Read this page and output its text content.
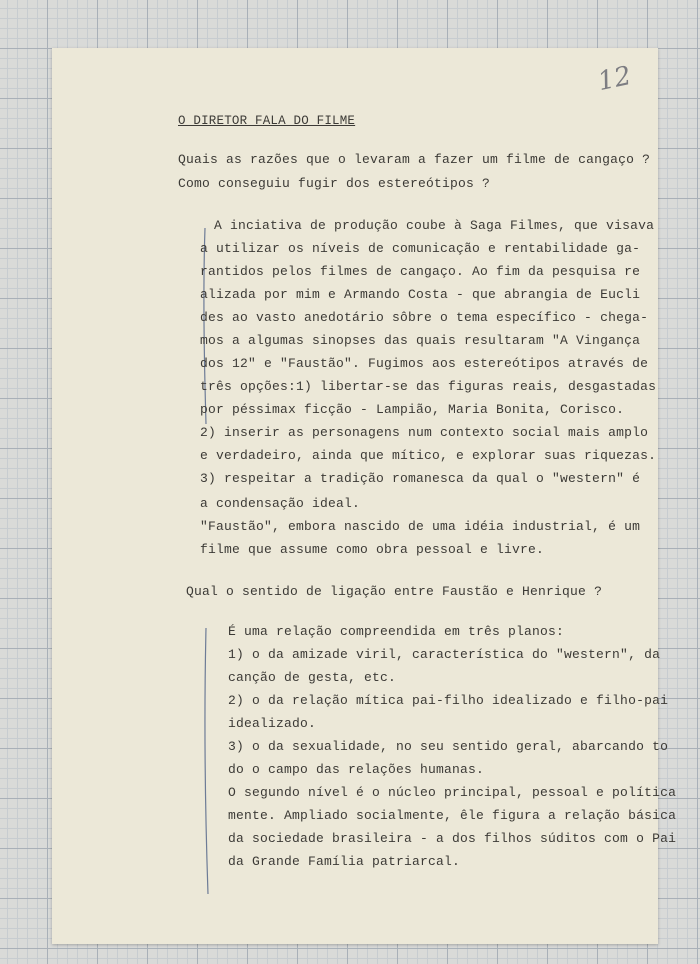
12

O DIRETOR FALA DO FILME

Quais as razões que o levaram a fazer um filme de cangaço ?

Como conseguiu fugir dos estereótipos ?

A inciativa de produção coube à Saga Filmes, que visava

a utilizar os níveis de comunicação e rentabilidade ga-

rantidos pelos filmes de cangaço. Ao fim da pesquisa re

alizada por mim e Armando Costa - que abrangia de Eucli

des ao vasto anedotário sôbre o tema específico - chega-

mos a algumas sinopses das quais resultaram "A Vingança

dos 12" e "Faustão". Fugimos aos estereótipos através de

três opções:1) libertar-se das figuras reais, desgastadas

por péssimax ficção - Lampião, Maria Bonita, Corisco.

2) inserir as personagens num contexto social mais amplo

e verdadeiro, ainda que mítico, e explorar suas riquezas.

3) respeitar a tradição romanesca da qual o "western" é

a condensação ideal.

"Faustão", embora nascido de uma idéia industrial, é um

filme que assume como obra pessoal e livre.

Qual o sentido de ligação entre Faustão e Henrique ?

É uma relação compreendida em três planos:

1) o da amizade viril, característica do "western", da

canção de gesta, etc.

2) o da relação mítica pai-filho idealizado e filho-pai

idealizado.

3) o da sexualidade, no seu sentido geral, abarcando to

do o campo das relações humanas.

O segundo nível é o núcleo principal, pessoal e política

mente. Ampliado socialmente, êle figura a relação básica

da sociedade brasileira - a dos filhos súditos com o Pai

da Grande Família patriarcal.
